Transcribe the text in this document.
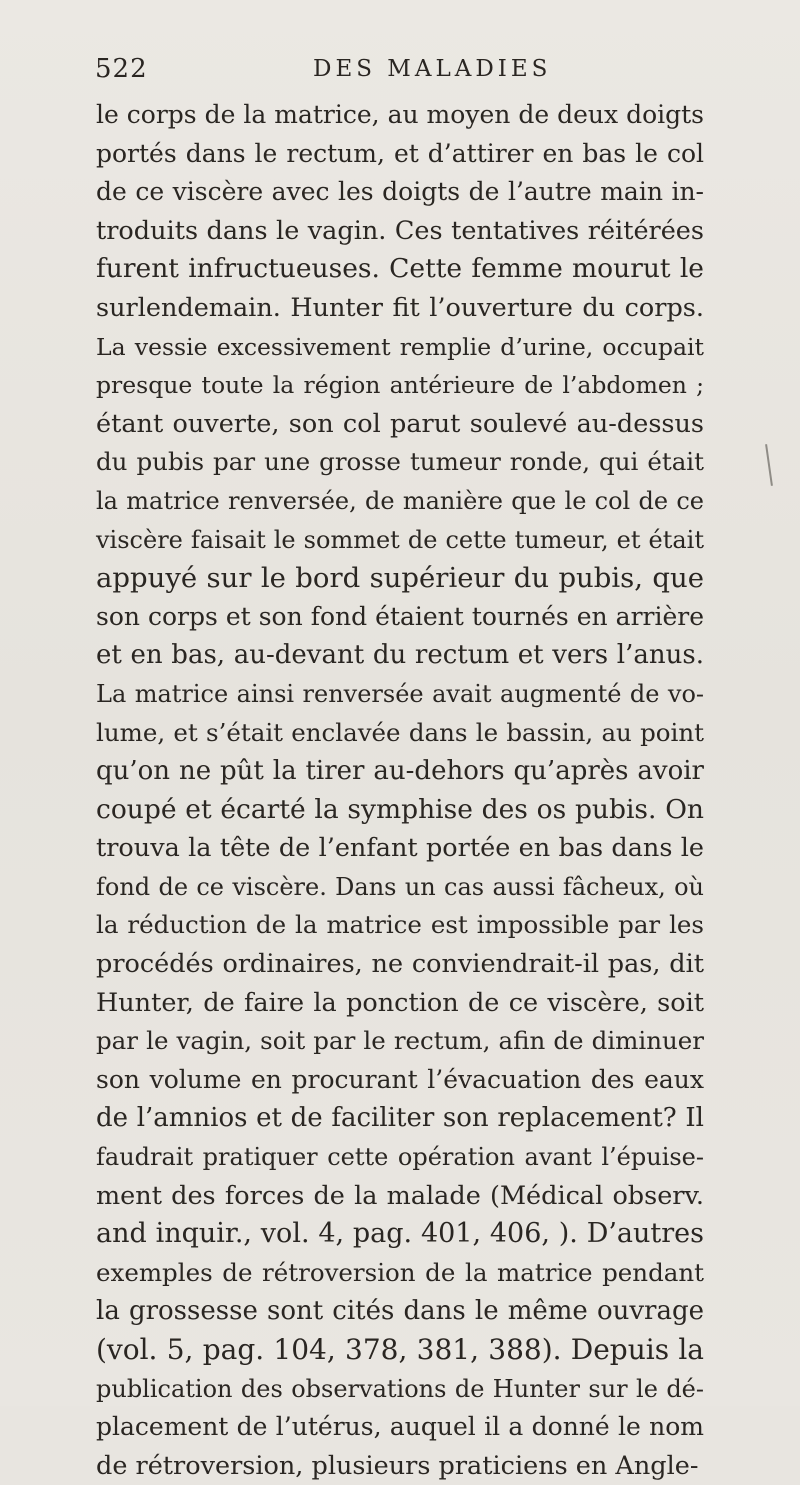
522	DES MALADIES
le corps de la matrice, au moyen de deux doigts
portés dans le rectum, et d’attirer en bas le col
de ce viscère avec les doigts de l’autre main in-
troduits dans le vagin. Ces tentatives réitérées
furent infructueuses. Cette femme mourut le
surlendemain. Hunter fit l’ouverture du corps.
La vessie excessivement remplie d’urine, occupait
presque toute la région antérieure de l’abdomen ;
étant ouverte, son col parut soulevé au-dessus
du pubis par une grosse tumeur ronde, qui était
la matrice renversée, de manière que le col de ce
viscère faisait le sommet de cette tumeur, et était
appuyé sur le bord supérieur du pubis, que
son corps et son fond étaient tournés en arrière
et en bas, au-devant du rectum et vers l’anus.
La matrice ainsi renversée avait augmenté de vo-
lume, et s’était enclavée dans le bassin, au point
qu’on ne pût la tirer au-dehors qu’après avoir
coupé et écarté la symphise des os pubis. On
trouva la tête de l’enfant portée en bas dans le
fond de ce viscère. Dans un cas aussi fâcheux, où
la réduction de la matrice est impossible par les
procédés ordinaires, ne conviendrait-il pas, dit
Hunter, de faire la ponction de ce viscère, soit
par le vagin, soit par le rectum, afin de diminuer
son volume en procurant l’évacuation des eaux
de l’amnios et de faciliter son replacement? Il
faudrait pratiquer cette opération avant l’épuise-
ment des forces de la malade (Médical observ.
and inquir., vol. 4, pag. 401, 406, ). D’autres
exemples de rétroversion de la matrice pendant
la grossesse sont cités dans le même ouvrage
(vol. 5, pag. 104, 378, 381, 388). Depuis la
publication des observations de Hunter sur le dé-
placement de l’utérus, auquel il a donné le nom
de rétroversion, plusieurs praticiens en Angle-
